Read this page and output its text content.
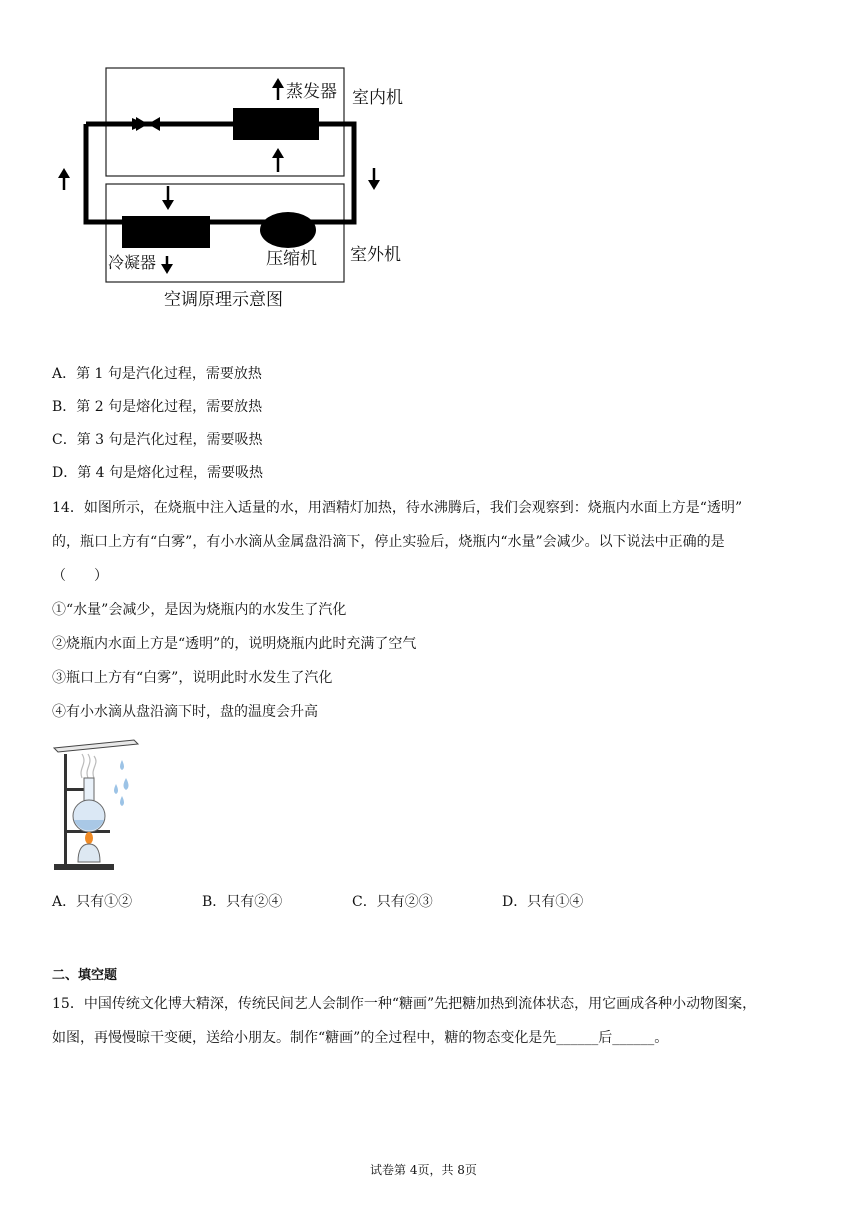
蒸发器 室内机
冷凝器	压缩机 室外机
空调原理示意图
A．第 1 句是汽化过程，需要放热
B．第 2 句是熔化过程，需要放热
C．第 3 句是汽化过程，需要吸热
D．第 4 句是熔化过程，需要吸热
14．如图所示，在烧瓶中注入适量的水，用酒精灯加热，待水沸腾后，我们会观察到：烧瓶内水面上方是“透明”
的，瓶口上方有“白雾”，有小水滴从金属盘沿滴下，停止实验后，烧瓶内“水量”会减少。以下说法中正确的是
（　　）
①“水量”会减少，是因为烧瓶内的水发生了汽化
②烧瓶内水面上方是“透明”的，说明烧瓶内此时充满了空气
③瓶口上方有“白雾”，说明此时水发生了汽化
④有小水滴从盘沿滴下时，盘的温度会升高
A．只有①②	B．只有②④	C．只有②③	D．只有①④
二、填空题
15．中国传统文化博大精深，传统民间艺人会制作一种“糖画”先把糖加热到流体状态，用它画成各种小动物图案，
如图，再慢慢晾干变硬，送给小朋友。制作“糖画”的全过程中，糖的物态变化是先______后______。
试卷第 4页，共 8页
